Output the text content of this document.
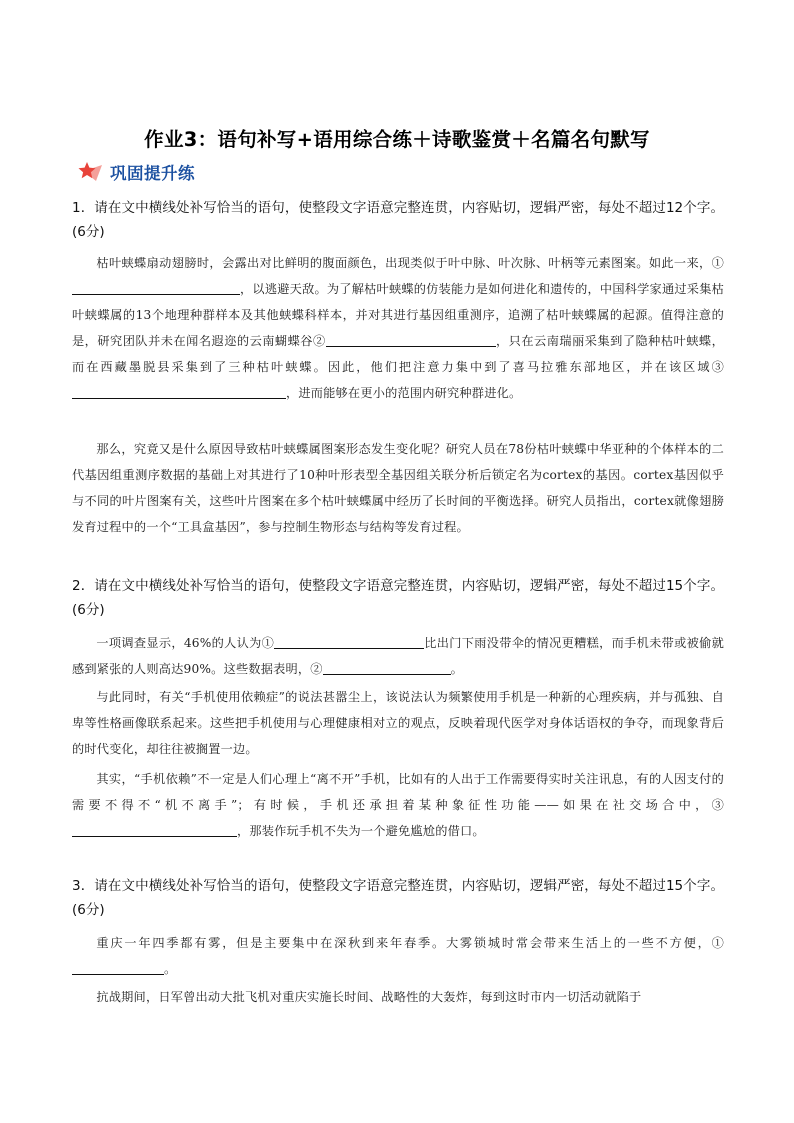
作业3：语句补写+语用综合练＋诗歌鉴赏＋名篇名句默写
巩固提升练
1．请在文中横线处补写恰当的语句，使整段文字语意完整连贯，内容贴切，逻辑严密，每处不超过12个字。(6分)
枯叶蛱蝶扇动翅膀时，会露出对比鲜明的腹面颜色，出现类似于叶中脉、叶次脉、叶柄等元素图案。如此一来，①，以逃避天敌。为了解枯叶蛱蝶的仿装能力是如何进化和遗传的，中国科学家通过采集枯叶蛱蝶属的13个地理种群样本及其他蛱蝶科样本，并对其进行基因组重测序，追溯了枯叶蛱蝶属的起源。值得注意的是，研究团队并未在闻名遐迩的云南蝴蝶谷②	，只在云南瑞丽采集到了隐种枯叶蛱蝶，而在西藏墨脱县采集到了三种枯叶蛱蝶。因此，他们把注意力集中到了喜马拉雅东部地区，并在该区域③，进而能够在更小的范围内研究种群进化。
那么，究竟又是什么原因导致枯叶蛱蝶属图案形态发生变化呢？研究人员在78份枯叶蛱蝶中华亚种的个体样本的二代基因组重测序数据的基础上对其进行了10种叶形表型全基因组关联分析后锁定名为cortex的基因。cortex基因似乎与不同的叶片图案有关，这些叶片图案在多个枯叶蛱蝶属中经历了长时间的平衡选择。研究人员指出，cortex就像翅膀发育过程中的一个“工具盒基因”，参与控制生物形态与结构等发育过程。
2．请在文中横线处补写恰当的语句，使整段文字语意完整连贯，内容贴切，逻辑严密，每处不超过15个字。(6分)
一项调查显示，46%的人认为①	比出门下雨没带伞的情况更糟糕，而手机未带或被偷就感到紧张的人则高达90%。这些数据表明，②	。
与此同时，有关“手机使用依赖症”的说法甚嚣尘上，该说法认为频繁使用手机是一种新的心理疾病，并与孤独、自卑等性格画像联系起来。这些把手机使用与心理健康相对立的观点，反映着现代医学对身体话语权的争夺，而现象背后的时代变化，却往往被搁置一边。
其实，“手机依赖”不一定是人们心理上“离不开”手机，比如有的人出于工作需要得实时关注讯息，有的人因支付的需要不得不“机不离手”；有时候，手机还承担着某种象征性功能——如果在社交场合中，③，那装作玩手机不失为一个避免尴尬的借口。
3．请在文中横线处补写恰当的语句，使整段文字语意完整连贯，内容贴切，逻辑严密，每处不超过15个字。(6分)
重庆一年四季都有雾，但是主要集中在深秋到来年春季。大雾锁城时常会带来生活上的一些不方便，①。
抗战期间，日军曾出动大批飞机对重庆实施长时间、战略性的大轰炸，每到这时市内一切活动就陷于
